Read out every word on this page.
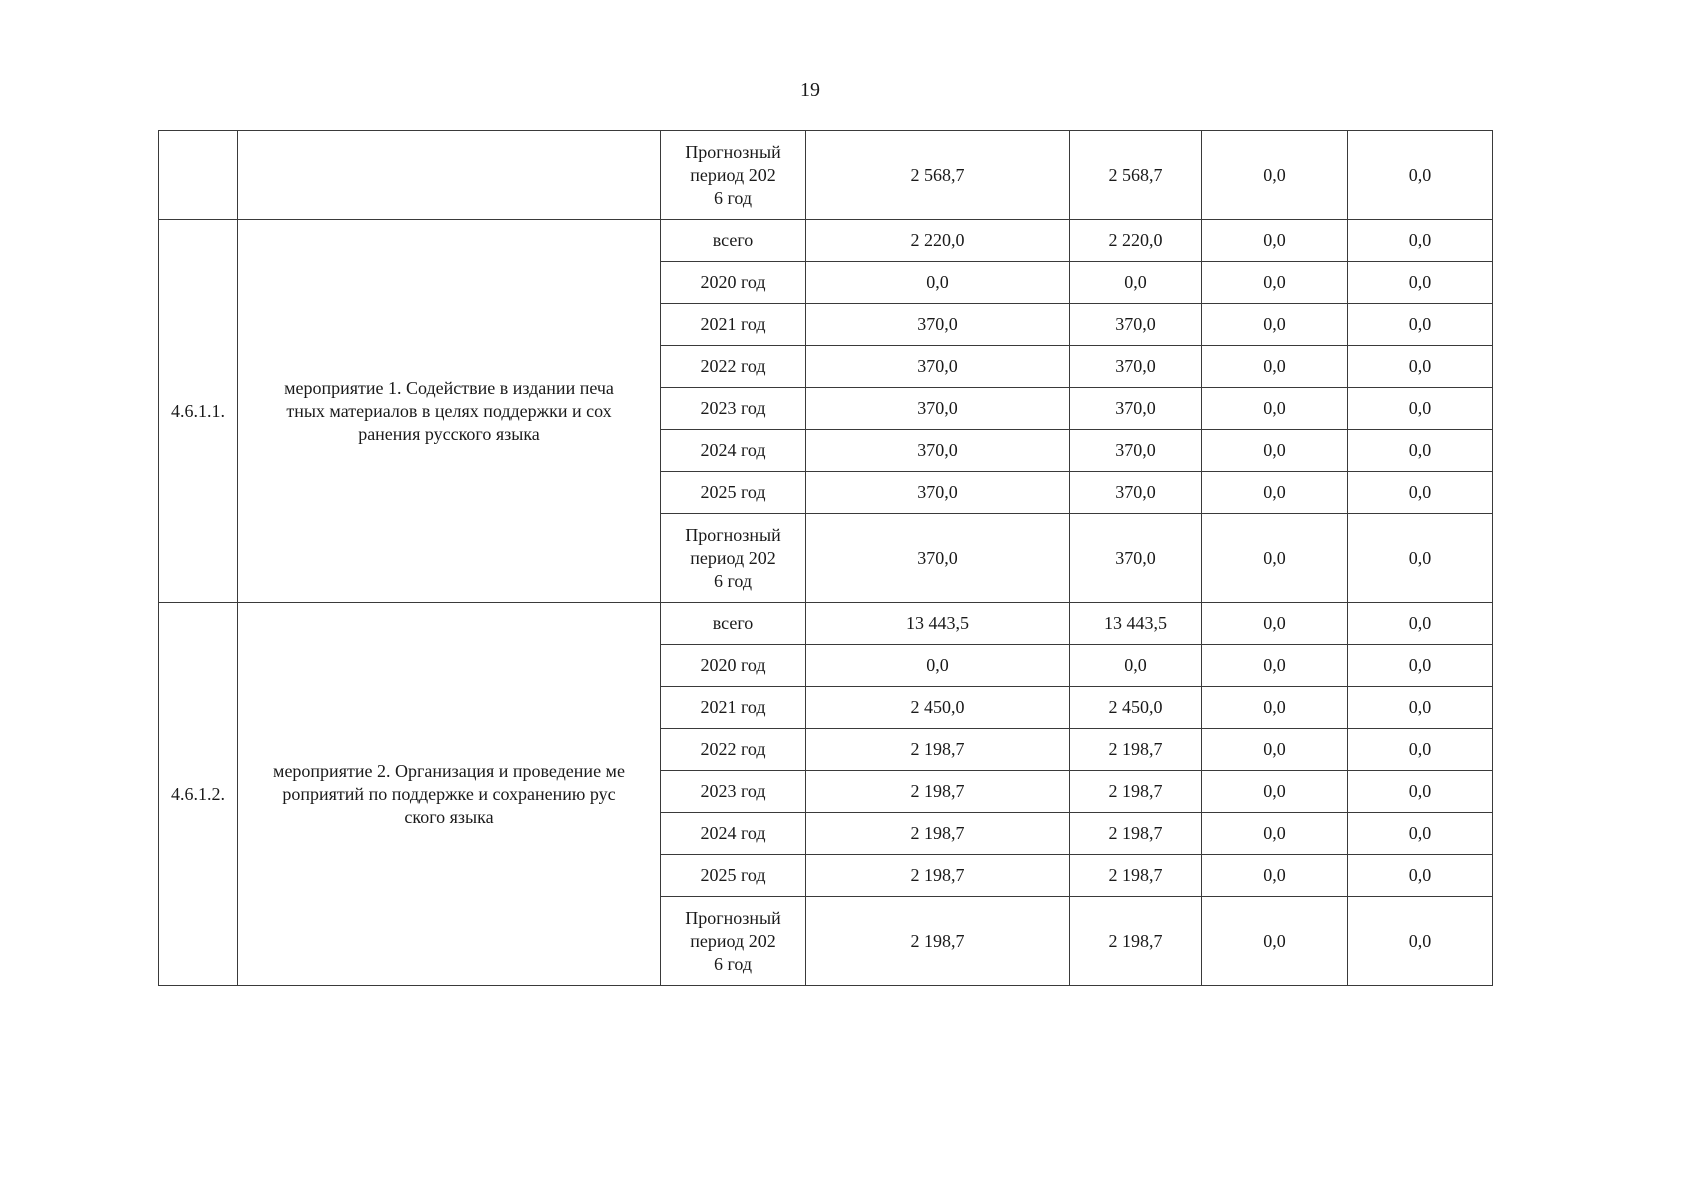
19

		Прогнозный
период 202
6 год	2 568,7	2 568,7	0,0	0,0
4.6.1.1.	мероприятие 1. Содействие в издании печа
тных материалов в целях поддержки и сох
ранения русского языка	всего	2 220,0	2 220,0	0,0	0,0
		2020 год	0,0	0,0	0,0	0,0
		2021 год	370,0	370,0	0,0	0,0
		2022 год	370,0	370,0	0,0	0,0
		2023 год	370,0	370,0	0,0	0,0
		2024 год	370,0	370,0	0,0	0,0
		2025 год	370,0	370,0	0,0	0,0

		Прогнозный
период 202
6 год	370,0	370,0	0,0	0,0
4.6.1.2.	мероприятие 2. Организация и проведение ме
роприятий по поддержке и сохранению рус
ского языка	всего	13 443,5	13 443,5	0,0	0,0
		2020 год	0,0	0,0	0,0	0,0
		2021 год	2 450,0	2 450,0	0,0	0,0
		2022 год	2 198,7	2 198,7	0,0	0,0
		2023 год	2 198,7	2 198,7	0,0	0,0
		2024 год	2 198,7	2 198,7	0,0	0,0
		2025 год	2 198,7	2 198,7	0,0	0,0

		Прогнозный
период 202
6 год	2 198,7	2 198,7	0,0	0,0
